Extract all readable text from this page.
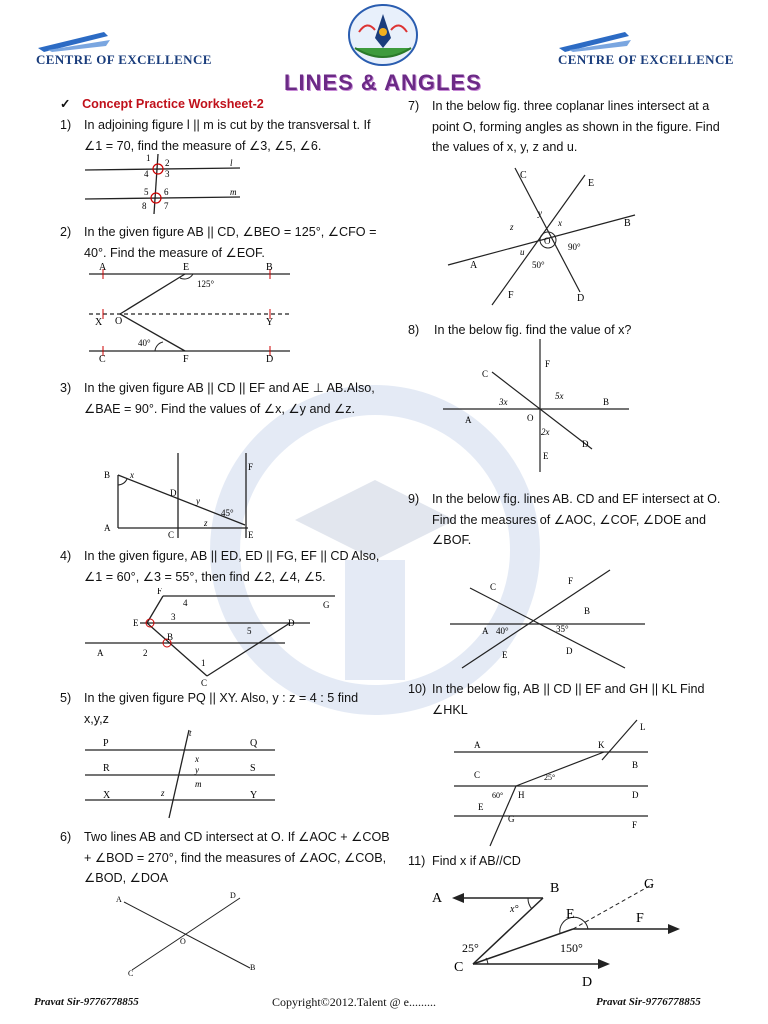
CENTRE OF EXCELLENCE	CENTRE OF EXCELLENCE
LINES & ANGLES
✓ Concept Practice Worksheet-2
1) In adjoining figure l || m is cut by the transversal t. If ∠1 = 70, find the measure of ∠3, ∠5, ∠6.
2) In the given figure AB || CD, ∠BEO = 125°, ∠CFO = 40°. Find the measure of ∠EOF.
3) In the given figure AB || CD || EF and AE ⊥ AB.Also, ∠BAE = 90°. Find the values of ∠x, ∠y and ∠z.
4) In the given figure, AB || ED, ED || FG, EF || CD Also, ∠1 = 60°, ∠3 = 55°, then find ∠2, ∠4, ∠5.
5) In the given figure PQ || XY. Also, y : z = 4 : 5 find x,y,z
6) Two lines AB and CD intersect at O. If ∠AOC + ∠COB + ∠BOD = 270°, find the measures of ∠AOC, ∠COB, ∠BOD, ∠DOA
7) In the below fig. three coplanar lines intersect at a point O, forming angles as shown in the figure. Find the values of x, y, z and u.
8) In the below fig. find the value of x?
9) In the below fig. lines AB. CD and EF intersect at O. Find the measures of ∠AOC, ∠COF, ∠DOE and ∠BOF.
10) In the below fig, AB || CD || EF and GH || KL Find ∠HKL
11) Find x if AB//CD
l
m
1 2
3
4
5 6
7
8
A	E	B
125°
X O	Y
40°
C	F	D
B x
D
y
F
45°
z
A
C	E
F
G
4
3
E
5
D
B
A	2
1
C
t
P	Q
x
R	y	S
m
X	z	Y
A	D
O
C
B
C
E
y
z	x	B
O
u	90°
A	50°
F	D
F
C
3x
5x
B
A	O
2x
D
E
C
F
B
A 40°	35°
E	D
L
A	K
B
C	25°
60° H	D
E
G
F
A
B
x°
G
E	F
25°	150°
C
D
Pravat Sir-9776778855	Copyright©2012.Talent @ e.........	Pravat Sir-9776778855
